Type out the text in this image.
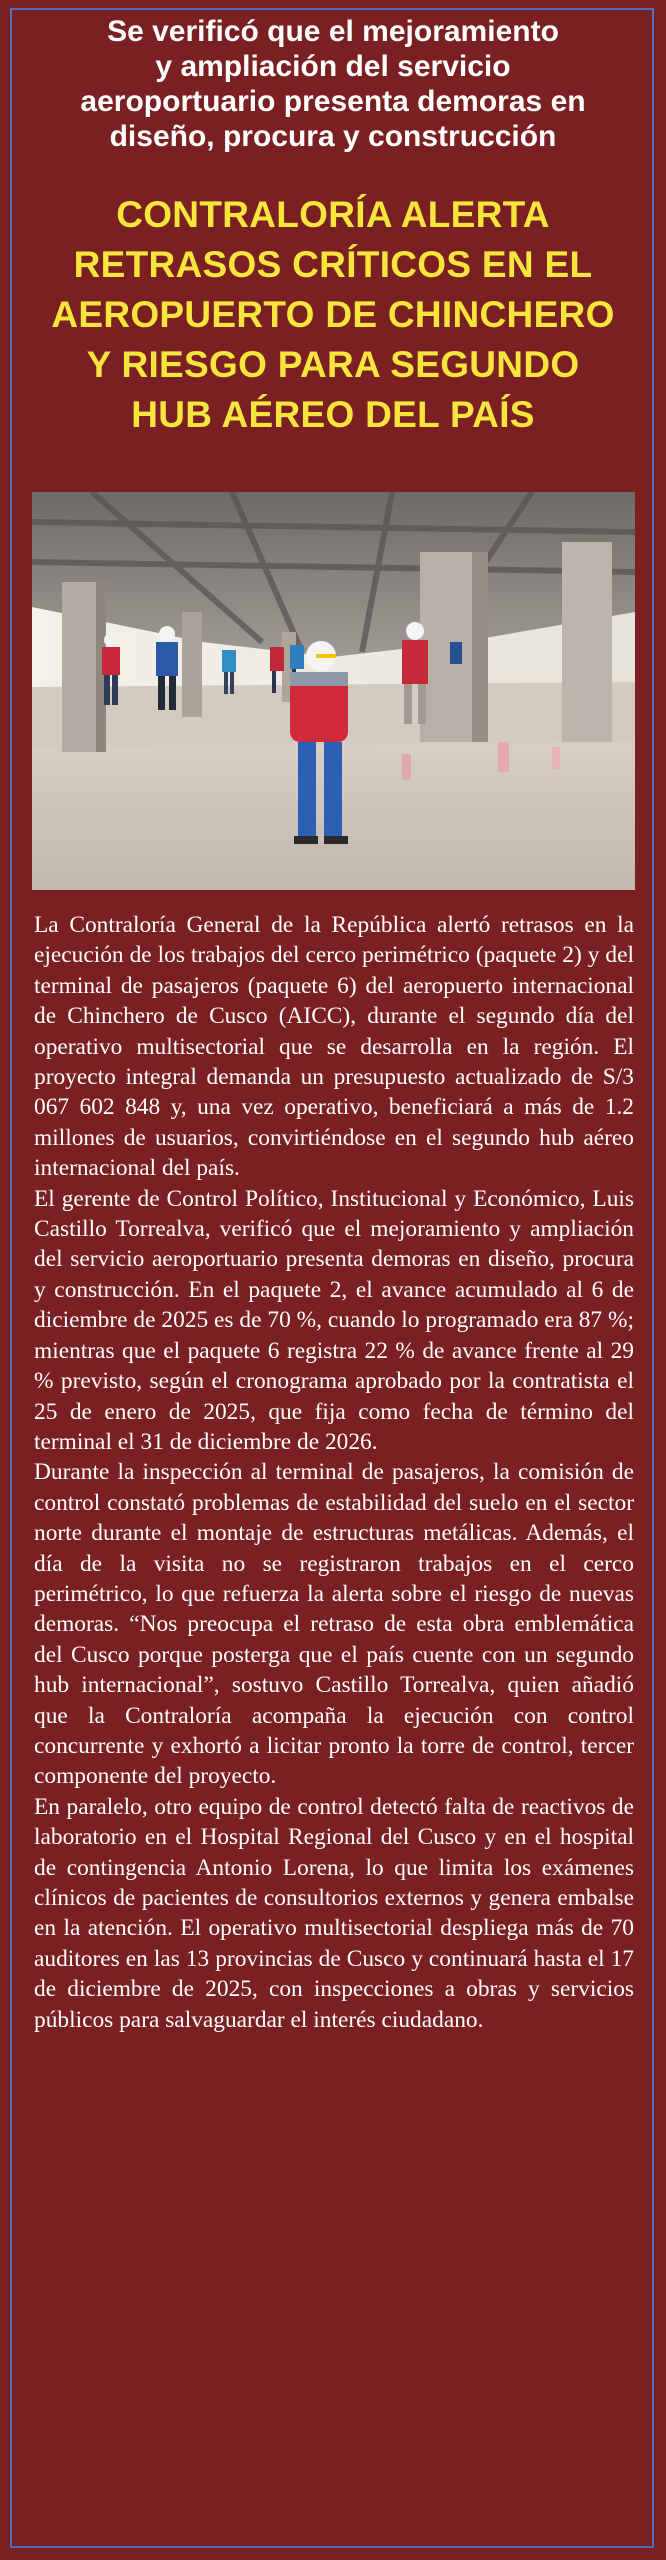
Se verificó que el mejoramiento
y ampliación del servicio
aeroportuario presenta demoras en
diseño, procura y construcción
CONTRALORÍA ALERTA
RETRASOS CRÍTICOS EN EL
AEROPUERTO DE CHINCHERO
Y RIESGO PARA SEGUNDO
HUB AÉREO DEL PAÍS

La Contraloría General de la República alertó retrasos en la ejecución de los trabajos del cerco perimétrico (paquete 2) y del terminal de pasajeros (paquete 6) del aeropuerto internacional de Chinchero de Cusco (AICC), durante el segundo día del operativo multisectorial que se desarrolla en la región. El proyecto integral demanda un presupuesto actualizado de S/3 067 602 848 y, una vez operativo, beneficiará a más de 1.2 millones de usuarios, convirtiéndose en el segundo hub aéreo internacional del país.

El gerente de Control Político, Institucional y Económico, Luis Castillo Torrealva, verificó que el mejoramiento y ampliación del servicio aeroportuario presenta demoras en diseño, procura y construcción. En el paquete 2, el avance acumulado al 6 de diciembre de 2025 es de 70 %, cuando lo programado era 87 %; mientras que el paquete 6 registra 22 % de avance frente al 29 % previsto, según el cronograma aprobado por la contratista el 25 de enero de 2025, que fija como fecha de término del terminal el 31 de diciembre de 2026.

Durante la inspección al terminal de pasajeros, la comisión de control constató problemas de estabilidad del suelo en el sector norte durante el montaje de estructuras metálicas. Además, el día de la visita no se registraron trabajos en el cerco perimétrico, lo que refuerza la alerta sobre el riesgo de nuevas demoras. “Nos preocupa el retraso de esta obra emblemática del Cusco porque posterga que el país cuente con un segundo hub internacional”, sostuvo Castillo Torrealva, quien añadió que la Contraloría acompaña la ejecución con control concurrente y exhortó a licitar pronto la torre de control, tercer componente del proyecto.

En paralelo, otro equipo de control detectó falta de reactivos de laboratorio en el Hospital Regional del Cusco y en el hospital de contingencia Antonio Lorena, lo que limita los exámenes clínicos de pacientes de consultorios externos y genera embalse en la atención. El operativo multisectorial despliega más de 70 auditores en las 13 provincias de Cusco y continuará hasta el 17 de diciembre de 2025, con inspecciones a obras y servicios públicos para salvaguardar el interés ciudadano.
